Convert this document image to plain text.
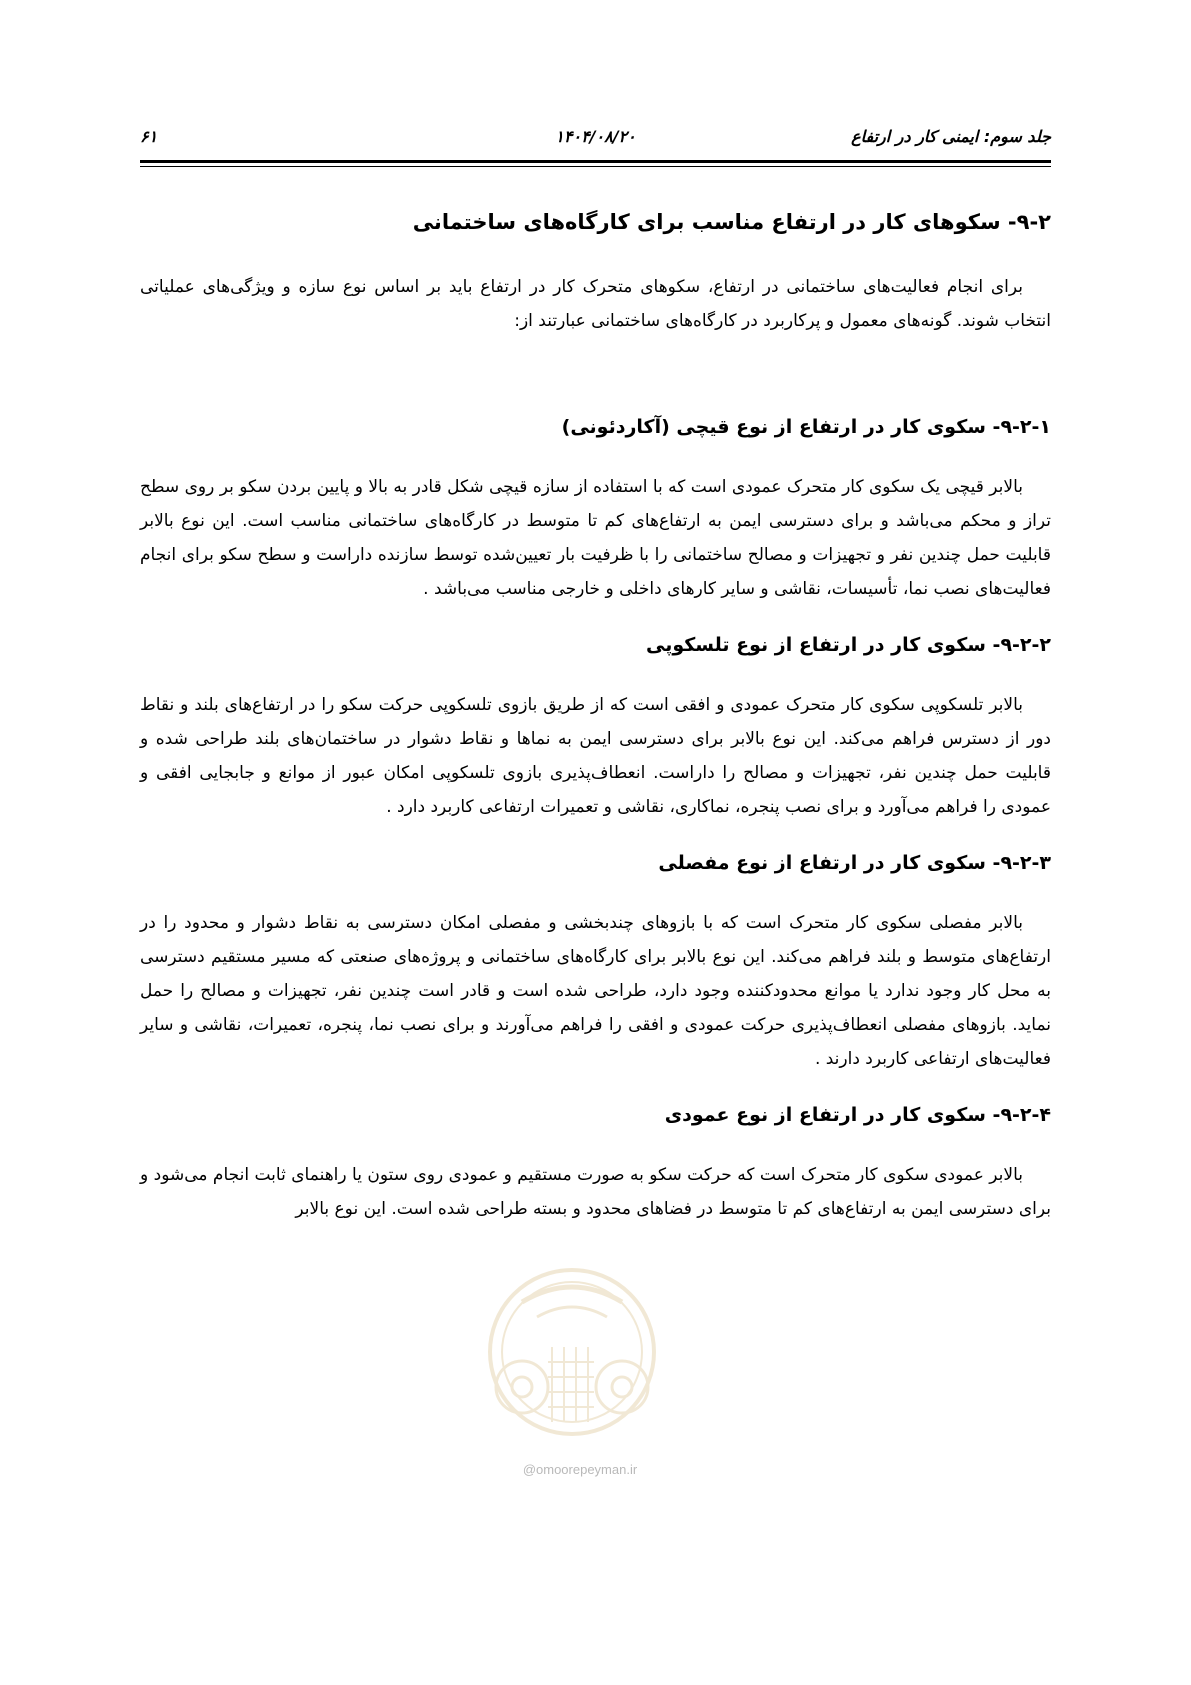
جلد سوم: ایمنی کار در ارتفاع
۱۴۰۴/۰۸/۲۰
۶۱
۹-۲- سکوهای کار در ارتفاع مناسب برای کارگاه‌های ساختمانی

برای انجام فعالیت‌های ساختمانی در ارتفاع، سکوهای متحرک کار در ارتفاع باید بر اساس نوع سازه و ویژگی‌های عملیاتی انتخاب شوند. گونه‌های معمول و پرکاربرد در کارگاه‌های ساختمانی عبارتند از:

۹-۲-۱- سکوی کار در ارتفاع از نوع قیچی (آکاردئونی)

بالابر قیچی یک سکوی کار متحرک عمودی است که با استفاده از سازه قیچی شکل قادر به بالا و پایین بردن سکو بر روی سطح تراز و محکم می‌باشد و برای دسترسی ایمن به ارتفاع‌های کم تا متوسط در کارگاه‌های ساختمانی مناسب است. این نوع بالابر قابلیت حمل چندین نفر و تجهیزات و مصالح ساختمانی را با ظرفیت بار تعیین‌شده توسط سازنده داراست و سطح سکو برای انجام فعالیت‌های نصب نما، تأسیسات، نقاشی و سایر کارهای داخلی و خارجی مناسب می‌باشد .

۹-۲-۲- سکوی کار در ارتفاع از نوع تلسکوپی

بالابر تلسکوپی سکوی کار متحرک عمودی و افقی است که از طریق بازوی تلسکوپی حرکت سکو را در ارتفاع‌های بلند و نقاط دور از دسترس فراهم می‌کند. این نوع بالابر برای دسترسی ایمن به نماها و نقاط دشوار در ساختمان‌های بلند طراحی شده و قابلیت حمل چندین نفر، تجهیزات و مصالح را داراست. انعطاف‌پذیری بازوی تلسکوپی امکان عبور از موانع و جابجایی افقی و عمودی را فراهم می‌آورد و برای نصب پنجره، نماکاری، نقاشی و تعمیرات ارتفاعی کاربرد دارد .

۹-۲-۳- سکوی کار در ارتفاع از نوع مفصلی

بالابر مفصلی سکوی کار متحرک است که با بازوهای چندبخشی و مفصلی امکان دسترسی به نقاط دشوار و محدود را در ارتفاع‌های متوسط و بلند فراهم می‌کند. این نوع بالابر برای کارگاه‌های ساختمانی و پروژه‌های صنعتی که مسیر مستقیم دسترسی به محل کار وجود ندارد یا موانع محدودکننده وجود دارد، طراحی شده است و قادر است چندین نفر، تجهیزات و مصالح را حمل نماید. بازوهای مفصلی انعطاف‌پذیری حرکت عمودی و افقی را فراهم می‌آورند و برای نصب نما، پنجره، تعمیرات، نقاشی و سایر فعالیت‌های ارتفاعی کاربرد دارند .

۹-۲-۴- سکوی کار در ارتفاع از نوع عمودی

بالابر عمودی سکوی کار متحرک است که حرکت سکو به صورت مستقیم و عمودی روی ستون یا راهنمای ثابت انجام می‌شود و برای دسترسی ایمن به ارتفاع‌های کم تا متوسط در فضاهای محدود و بسته طراحی شده است. این نوع بالابر

@omoorepeyman.ir
